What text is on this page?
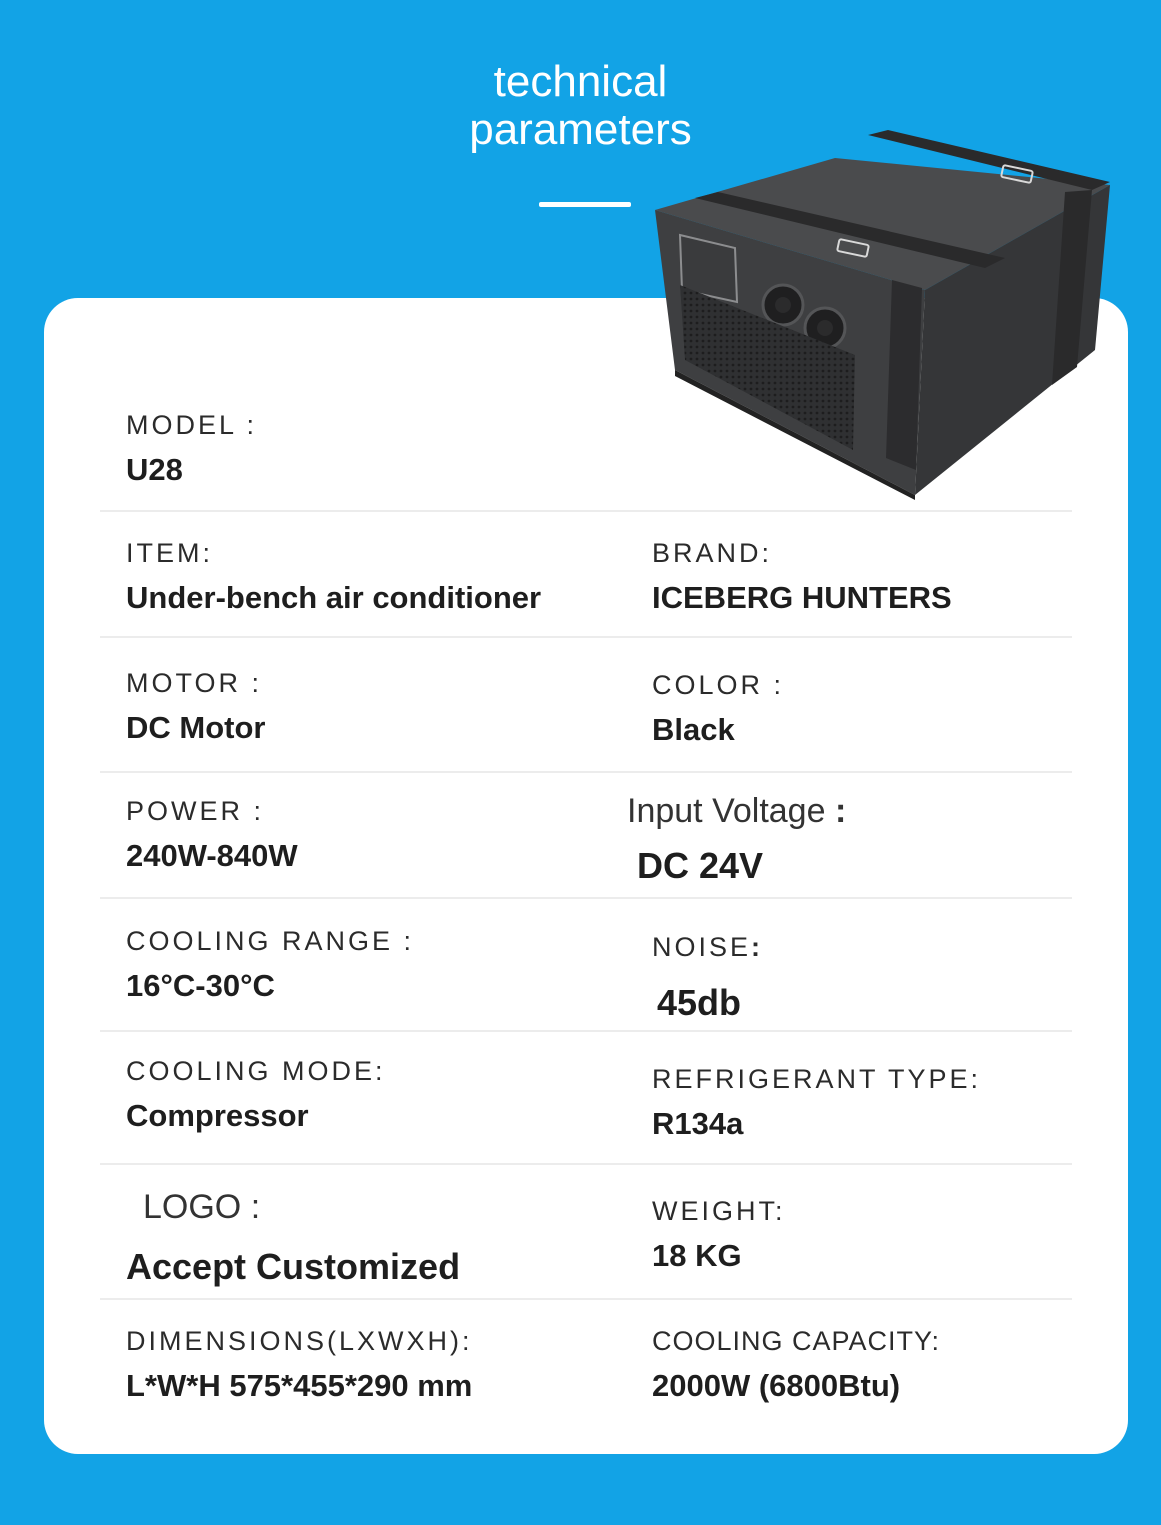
technical
parameters
MODEL :
U28
ITEM:
Under-bench air conditioner
BRAND:
ICEBERG HUNTERS
MOTOR :
DC Motor
COLOR :
Black
POWER :
240W-840W
Input Voltage :
DC 24V
COOLING RANGE :
16°C-30°C
NOISE:
45db
COOLING MODE:
Compressor
REFRIGERANT TYPE:
R134a
LOGO :
Accept Customized
WEIGHT:
18 KG
DIMENSIONS(LXWXH):
L*W*H 575*455*290 mm
COOLING CAPACITY:
2000W (6800Btu)
